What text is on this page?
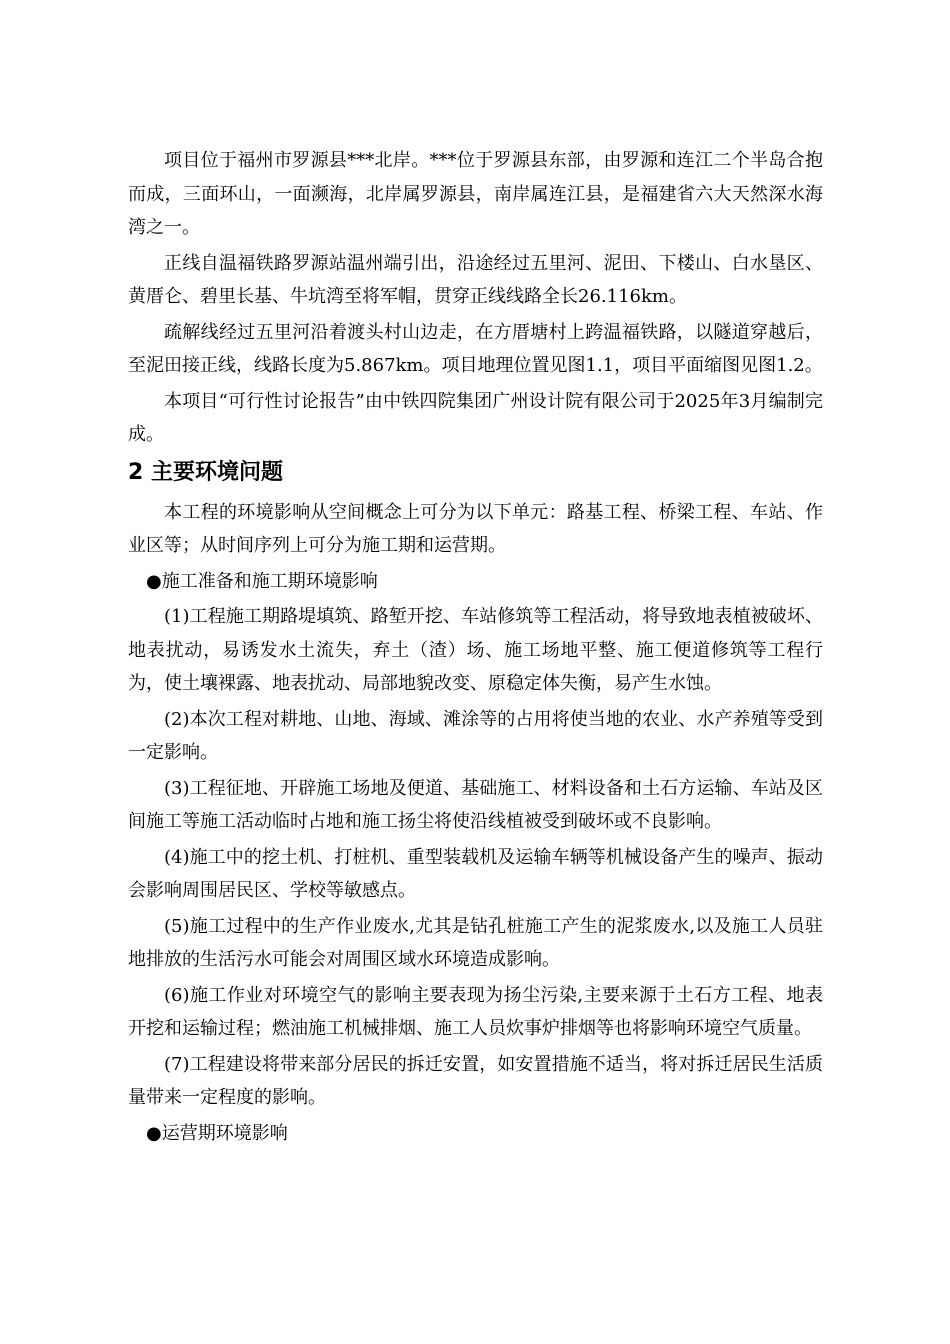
项目位于福州市罗源县***北岸。***位于罗源县东部，由罗源和连江二个半岛合抱而成，三面环山，一面濒海，北岸属罗源县，南岸属连江县，是福建省六大天然深水海湾之一。

正线自温福铁路罗源站温州端引出，沿途经过五里河、泥田、下楼山、白水垦区、黄厝仑、碧里长基、牛坑湾至将军帽，贯穿正线线路全长26.116km。

疏解线经过五里河沿着渡头村山边走，在方厝塘村上跨温福铁路，以隧道穿越后，至泥田接正线，线路长度为5.867km。项目地理位置见图1.1，项目平面缩图见图1.2。

本项目“可行性讨论报告”由中铁四院集团广州设计院有限公司于2025年3月编制完成。

2 主要环境问题

本工程的环境影响从空间概念上可分为以下单元：路基工程、桥梁工程、车站、作业区等；从时间序列上可分为施工期和运营期。

●施工准备和施工期环境影响

(1)工程施工期路堤填筑、路堑开挖、车站修筑等工程活动，将导致地表植被破坏、地表扰动，易诱发水土流失，弃土（渣）场、施工场地平整、施工便道修筑等工程行为，使土壤裸露、地表扰动、局部地貌改变、原稳定体失衡，易产生水蚀。

(2)本次工程对耕地、山地、海域、滩涂等的占用将使当地的农业、水产养殖等受到一定影响。

(3)工程征地、开辟施工场地及便道、基础施工、材料设备和土石方运输、车站及区间施工等施工活动临时占地和施工扬尘将使沿线植被受到破坏或不良影响。

(4)施工中的挖土机、打桩机、重型装载机及运输车辆等机械设备产生的噪声、振动会影响周围居民区、学校等敏感点。

(5)施工过程中的生产作业废水,尤其是钻孔桩施工产生的泥浆废水,以及施工人员驻地排放的生活污水可能会对周围区域水环境造成影响。

(6)施工作业对环境空气的影响主要表现为扬尘污染,主要来源于土石方工程、地表开挖和运输过程；燃油施工机械排烟、施工人员炊事炉排烟等也将影响环境空气质量。

(7)工程建设将带来部分居民的拆迁安置，如安置措施不适当，将对拆迁居民生活质量带来一定程度的影响。

●运营期环境影响
